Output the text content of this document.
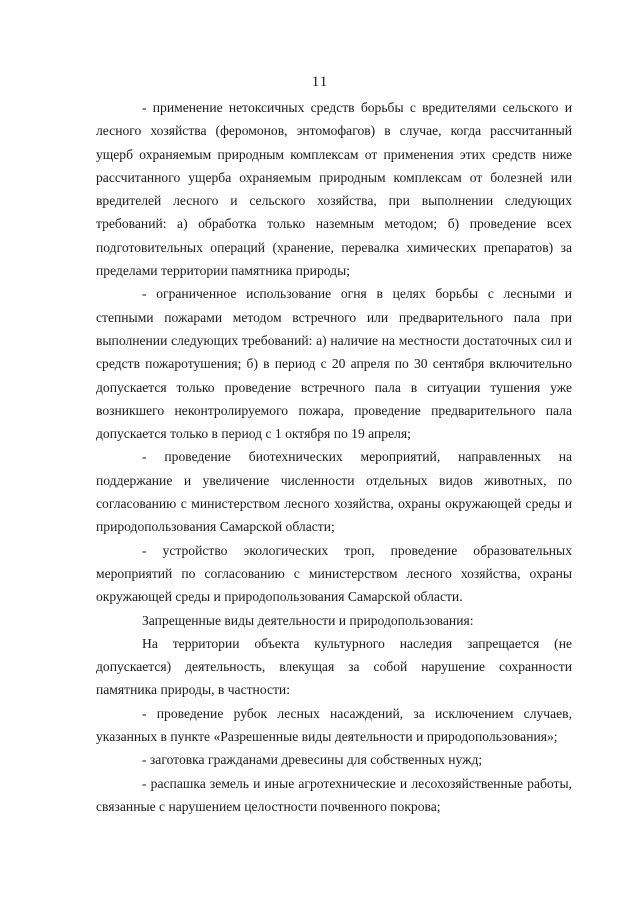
11

- применение нетоксичных средств борьбы с вредителями сельского и лесного хозяйства (феромонов, энтомофагов) в случае, когда рассчитанный ущерб охраняемым природным комплексам от применения этих средств ниже рассчитанного ущерба охраняемым природным комплексам от болезней или вредителей лесного и сельского хозяйства, при выполнении следующих требований: а) обработка только наземным методом; б) проведение всех подготовительных операций (хранение, перевалка химических препаратов) за пределами территории памятника природы;

- ограниченное использование огня в целях борьбы с лесными и степными пожарами методом встречного или предварительного пала при выполнении следующих требований: а) наличие на местности достаточных сил и средств пожаротушения; б) в период с 20 апреля по 30 сентября включительно допускается только проведение встречного пала в ситуации тушения уже возникшего неконтролируемого пожара, проведение предварительного пала допускается только в период с 1 октября по 19 апреля;

- проведение биотехнических мероприятий, направленных на поддержание и увеличение численности отдельных видов животных, по согласованию с министерством лесного хозяйства, охраны окружающей среды и природопользования Самарской области;

- устройство экологических троп, проведение образовательных мероприятий по согласованию с министерством лесного хозяйства, охраны окружающей среды и природопользования Самарской области.

Запрещенные виды деятельности и природопользования:

На территории объекта культурного наследия запрещается (не допускается) деятельность, влекущая за собой нарушение сохранности памятника природы, в частности:

- проведение рубок лесных насаждений, за исключением случаев, указанных в пункте «Разрешенные виды деятельности и природопользования»;

- заготовка гражданами древесины для собственных нужд;

- распашка земель и иные агротехнические и лесохозяйственные работы, связанные с нарушением целостности почвенного покрова;
